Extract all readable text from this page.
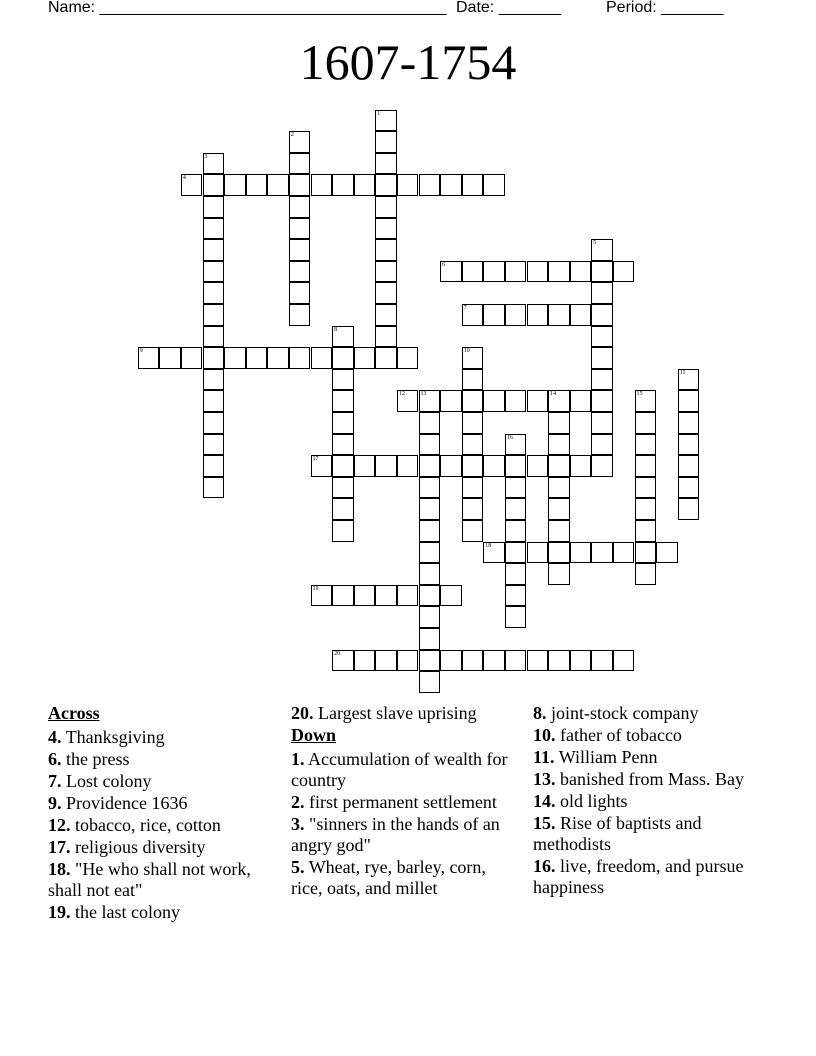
Name: _______________________________________ Date: _______	Period: _______
1607-1754
4
6
7
9
12	13	14
17
18
19
20
1
2
3
5
8
10
11
15
16
Across
4. Thanksgiving
6. the press
7. Lost colony
9. Providence 1636
12. tobacco, rice, cotton
17. religious diversity
18. "He who shall not work, shall not eat"
19. the last colony
20. Largest slave uprising
Down
1. Accumulation of wealth for country
2. first permanent settlement
3. "sinners in the hands of an angry god"
5. Wheat, rye, barley, corn, rice, oats, and millet
8. joint-stock company
10. father of tobacco
11. William Penn
13. banished from Mass. Bay
14. old lights
15. Rise of baptists and methodists
16. live, freedom, and pursue happiness
